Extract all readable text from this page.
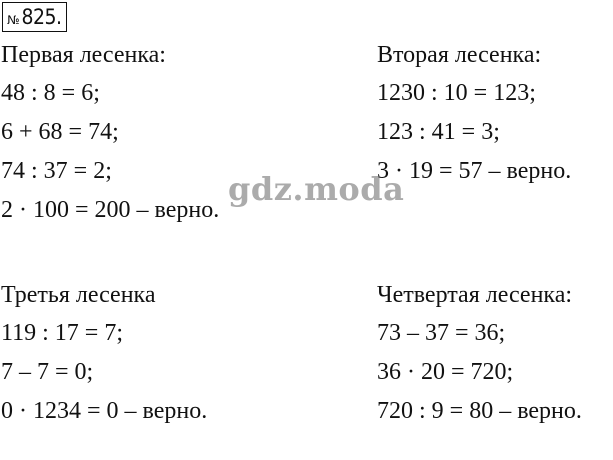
№ 825.
Первая лесенка:
48 : 8 = 6;
6 + 68 = 74;
74 : 37 = 2;
2 · 100 = 200 – верно.
Вторая лесенка:
1230 : 10 = 123;
123 : 41 = 3;
3 · 19 = 57 – верно.
Третья лесенка
119 : 17 = 7;
7 – 7 = 0;
0 · 1234 = 0 – верно.
Четвертая лесенка:
73 – 37 = 36;
36 · 20 = 720;
720 : 9 = 80 – верно.
gdz.moda
